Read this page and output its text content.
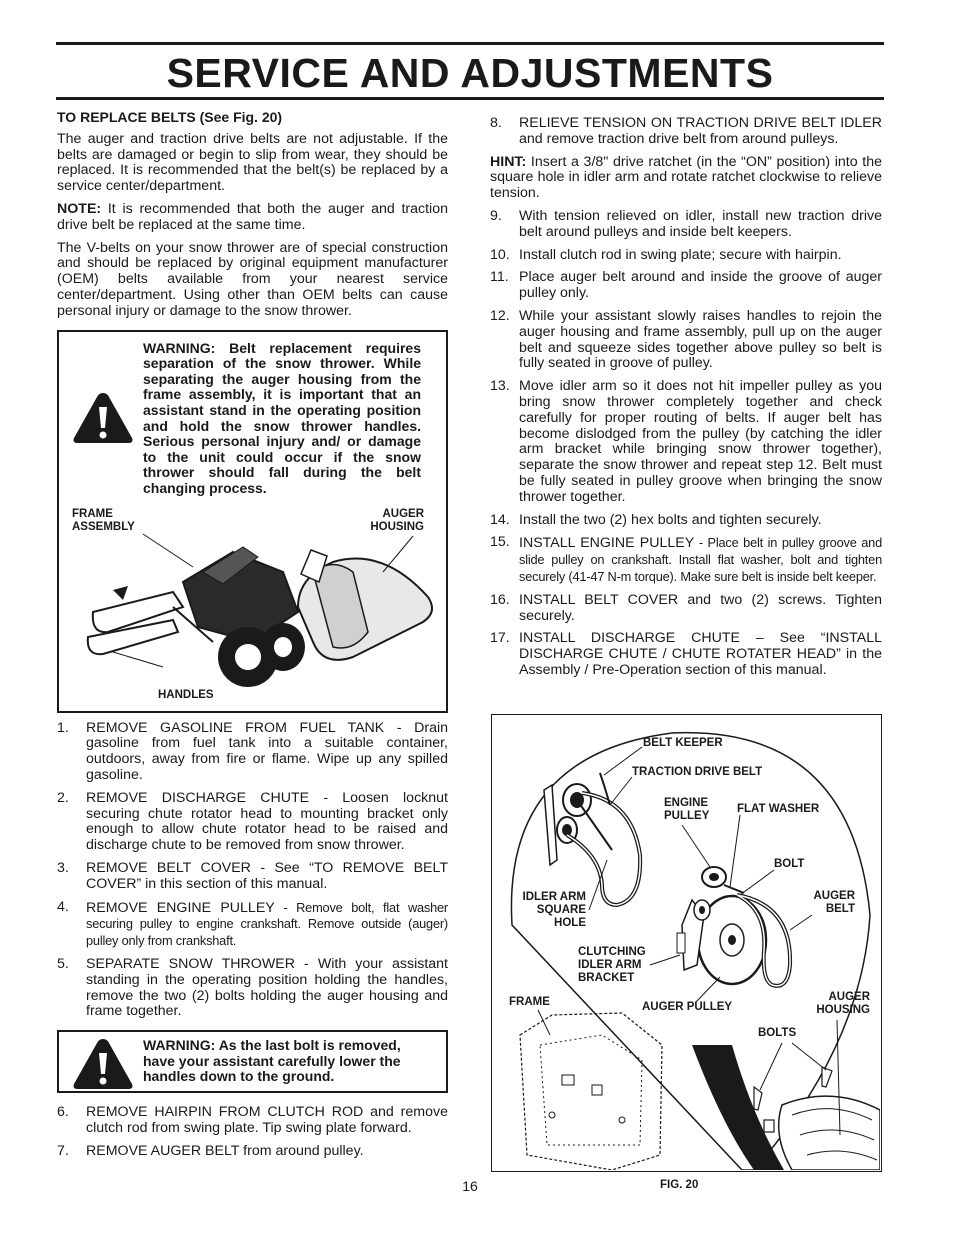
SERVICE AND ADJUSTMENTS

TO REPLACE BELTS (See Fig. 20)

The auger and traction drive belts are not adjustable. If the belts are damaged or begin to slip from wear, they should be replaced. It is recommended that the belt(s) be replaced by a service center/department.

NOTE: It is recommended that both the auger and traction drive belt be replaced at the same time.

The V-belts on your snow thrower are of special construction and should be replaced by original equipment manufacturer (OEM) belts available from your nearest service center/department. Using other than OEM belts can cause personal injury or damage to the snow thrower.

WARNING: Belt replacement requires separation of the snow thrower. While separating the auger housing from the frame assembly, it is important that an assistant stand in the operating position and hold the snow thrower handles. Serious personal injury and/ or damage to the unit could occur if the snow thrower should fall during the belt changing process.
FRAME
ASSEMBLY
AUGER
HOUSING
HANDLES
1. REMOVE GASOLINE FROM FUEL TANK - Drain gasoline from fuel tank into a suitable container, outdoors, away from fire or flame. Wipe up any spilled gasoline.
2. REMOVE DISCHARGE CHUTE - Loosen locknut securing chute rotator head to mounting bracket only enough to allow chute rotator head to be raised and discharge chute to be removed from snow thrower.
3. REMOVE BELT COVER - See “TO REMOVE BELT COVER” in this section of this manual.
4. REMOVE ENGINE PULLEY - Remove bolt, flat washer securing pulley to engine crankshaft. Remove outside (auger) pulley only from crankshaft.
5. SEPARATE SNOW THROWER - With your assistant standing in the operating position holding the handles, remove the two (2) bolts holding the auger housing and frame together.
WARNING: As the last bolt is removed, have your assistant carefully lower the handles down to the ground.
6. REMOVE HAIRPIN FROM CLUTCH ROD and remove clutch rod from swing plate. Tip swing plate forward.
7. REMOVE AUGER BELT from around pulley.
8. RELIEVE TENSION ON TRACTION DRIVE BELT IDLER and remove traction drive belt from around pulleys.

HINT: Insert a 3/8" drive ratchet (in the “ON” position) into the square hole in idler arm and rotate ratchet clockwise to relieve tension.

9. With tension relieved on idler, install new traction drive belt around pulleys and inside belt keepers.
10. Install clutch rod in swing plate; secure with hairpin.
11. Place auger belt around and inside the groove of auger pulley only.
12. While your assistant slowly raises handles to rejoin the auger housing and frame assembly, pull up on the auger belt and squeeze sides together above pulley so belt is fully seated in groove of pulley.
13. Move idler arm so it does not hit impeller pulley as you bring snow thrower completely together and check carefully for proper routing of belts. If auger belt has become dislodged from the pulley (by catching the idler arm bracket while bringing snow thrower together), separate the snow thrower and repeat step 12. Belt must be fully seated in pulley groove when bringing the snow thrower together.
14. Install the two (2) hex bolts and tighten securely.
15. INSTALL ENGINE PULLEY - Place belt in pulley groove and slide pulley on crankshaft. Install flat washer, bolt and tighten securely (41-47 N-m torque). Make sure belt is inside belt keeper.
16. INSTALL BELT COVER and two (2) screws. Tighten securely.
17. INSTALL DISCHARGE CHUTE – See “INSTALL DISCHARGE CHUTE / CHUTE ROTATER HEAD” in the Assembly / Pre-Operation section of this manual.
BELT KEEPER
TRACTION DRIVE BELT
ENGINE
PULLEY
FLAT WASHER
BOLT
IDLER ARM
SQUARE
HOLE
AUGER
BELT
CLUTCHING
IDLER ARM
BRACKET
FRAME	AUGER PULLEY
AUGER
HOUSING
BOLTS
16	FIG. 20
